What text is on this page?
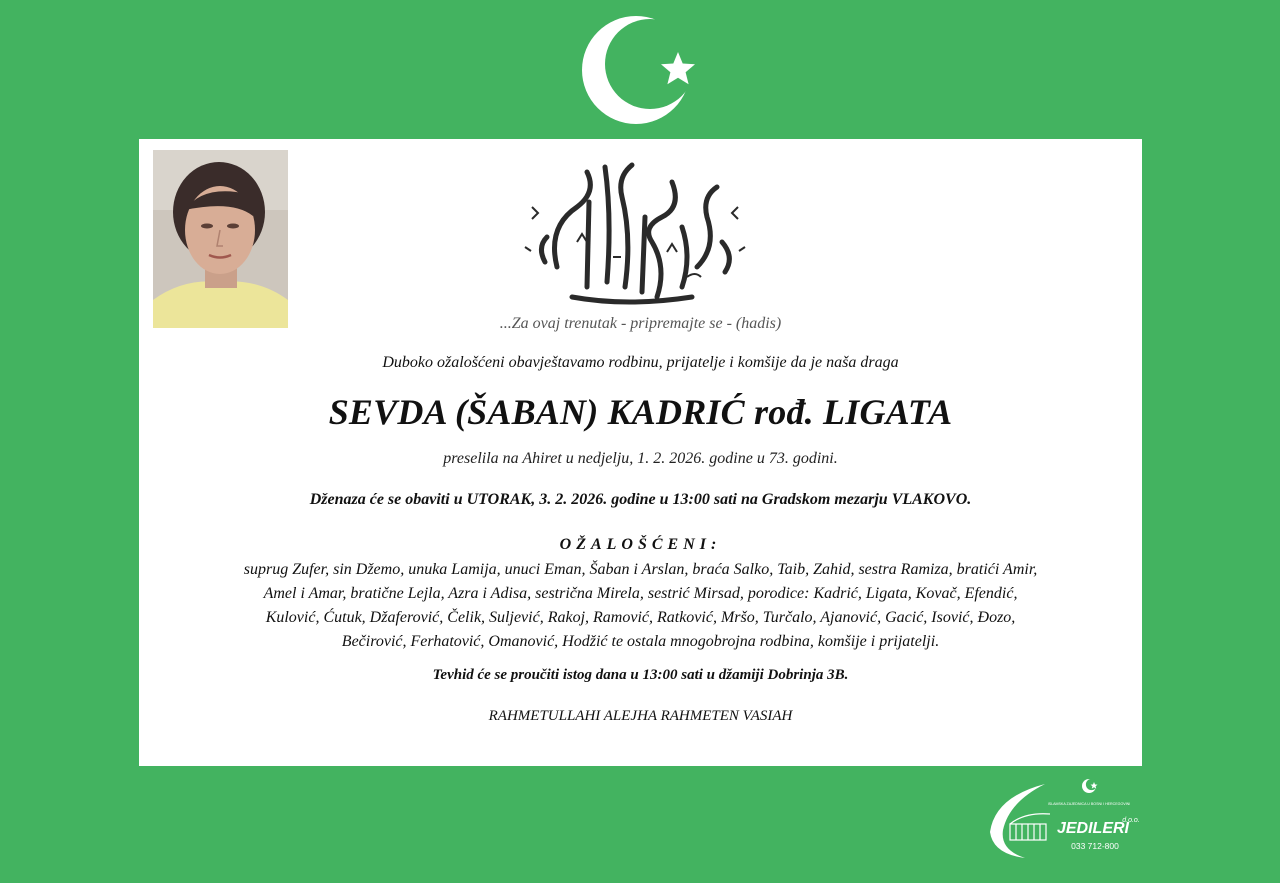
...Za ovaj trenutak - pripremajte se - (hadis)
Duboko ožalošćeni obavještavamo rodbinu, prijatelje i komšije da je naša draga
SEVDA (ŠABAN) KADRIĆ rođ. LIGATA
preselila na Ahiret u nedjelju, 1. 2. 2026. godine u 73. godini.
Dženaza će se obaviti u UTORAK, 3. 2. 2026. godine u 13:00 sati na Gradskom mezarju VLAKOVO.
OŽALOŠĆENI:
suprug Zufer, sin Džemo, unuka Lamija, unuci Eman, Šaban i Arslan, braća Salko, Taib, Zahid, sestra Ramiza, bratići Amir,
Amel i Amar, bratične Lejla, Azra i Adisa, sestrična Mirela, sestrić Mirsad, porodice: Kadrić, Ligata, Kovač, Efendić,
Kulović, Ćutuk, Džaferović, Čelik, Suljević, Rakoj, Ramović, Ratković, Mršo, Turčalo, Ajanović, Gacić, Isović, Đozo,
Bečirović, Ferhatović, Omanović, Hodžić te ostala mnogobrojna rodbina, komšije i prijatelji.
Tevhid će se proučiti istog dana u 13:00 sati u džamiji Dobrinja 3B.
RAHMETULLAHI ALEJHA RAHMETEN VASIAH
ISLAMSKA ZAJEDNICA U BOSNI I HERCEGOVINI
d.o.o.
JEDILERI
033 712-800
